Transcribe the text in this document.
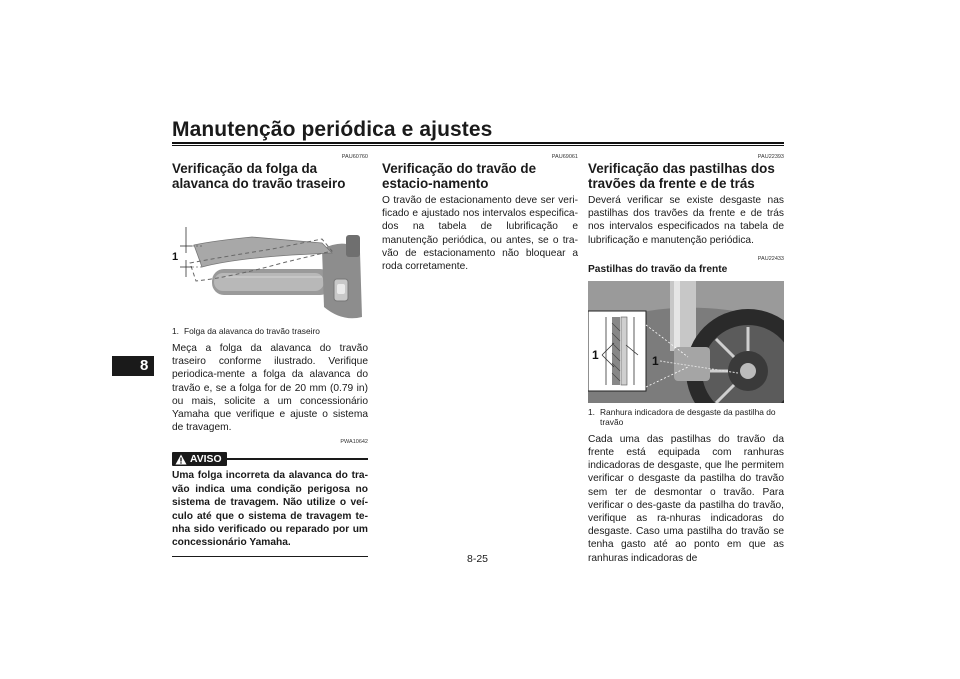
Manutenção periódica e ajustes
8
PAU60760
Verificação da folga da alavanca do travão traseiro
1
1. Folga da alavanca do travão traseiro

Meça a folga da alavanca do travão traseiro conforme ilustrado. Verifique periodica-mente a folga da alavanca do travão e, se a folga for de 20 mm (0.79 in) ou mais, solicite a um concessionário Yamaha que verifique e ajuste o sistema de travagem.

PWA10642
AVISO
Uma folga incorreta da alavanca do tra-vão indica uma condição perigosa no sistema de travagem. Não utilize o veí-culo até que o sistema de travagem te-nha sido verificado ou reparado por um concessionário Yamaha.
PAU69061
Verificação do travão de estacio-namento

O travão de estacionamento deve ser veri-ficado e ajustado nos intervalos especifica-dos na tabela de lubrificação e manutenção periódica, ou antes, se o tra-vão de estacionamento não bloquear a roda corretamente.

PAU22393
Verificação das pastilhas dos travões da frente e de trás

Deverá verificar se existe desgaste nas pastilhas dos travões da frente e de trás nos intervalos especificados na tabela de lubrificação e manutenção periódica.

PAU22433
Pastilhas do travão da frente
1	1
1. Ranhura indicadora de desgaste da pastilha do travão

Cada uma das pastilhas do travão da frente está equipada com ranhuras indicadoras de desgaste, que lhe permitem verificar o desgaste da pastilha do travão sem ter de desmontar o travão. Para verificar o des-gaste da pastilha do travão, verifique as ra-nhuras indicadoras do desgaste. Caso uma pastilha do travão se tenha gasto até ao ponto em que as ranhuras indicadoras de

8-25
